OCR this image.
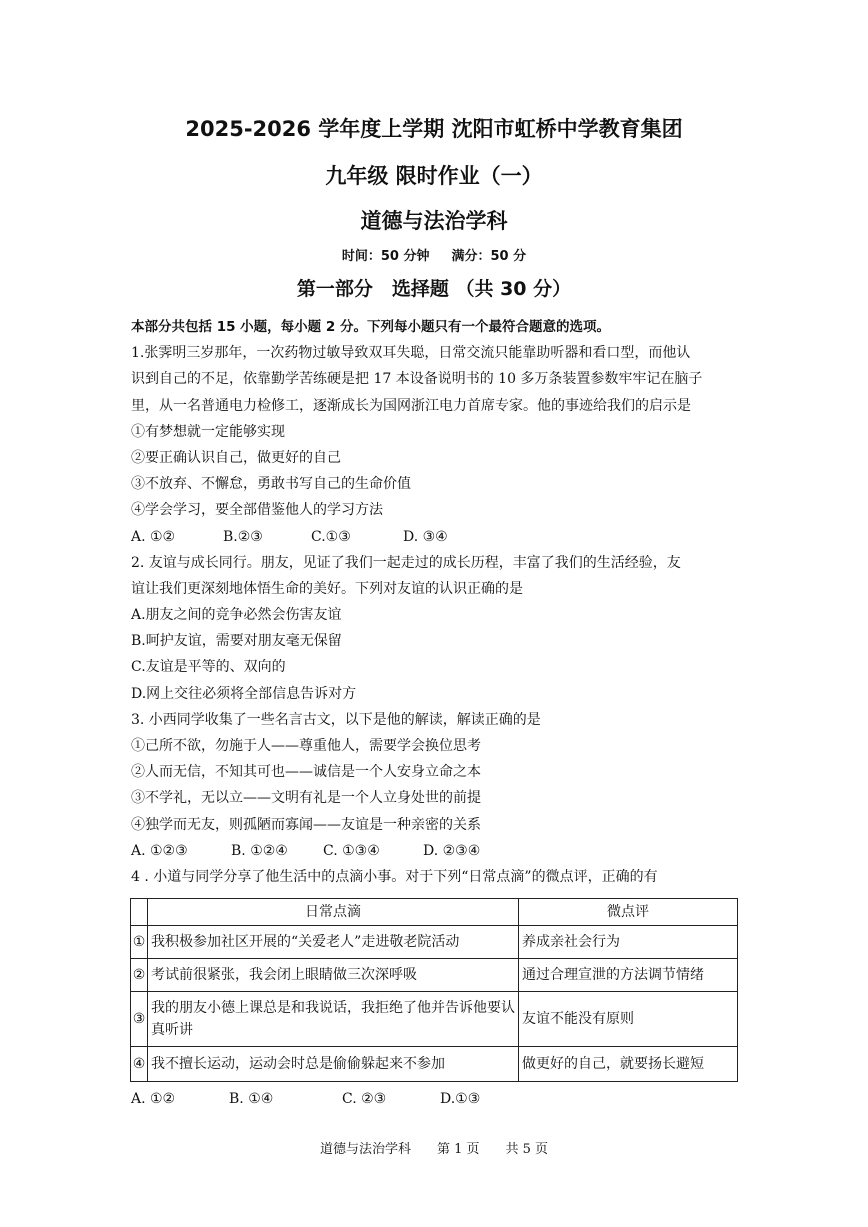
2025-2026 学年度上学期 沈阳市虹桥中学教育集团
九年级 限时作业（一）
道德与法治学科
时间：50 分钟 满分：50 分
第一部分　选择题 （共 30 分）
本部分共包括 15 小题，每小题 2 分。下列每小题只有一个最符合题意的选项。
1.张霁明三岁那年，一次药物过敏导致双耳失聪，日常交流只能靠助听器和看口型，而他认
识到自己的不足，依靠勤学苦练硬是把 17 本设备说明书的 10 多万条装置参数牢牢记在脑子
里，从一名普通电力检修工，逐渐成长为国网浙江电力首席专家。他的事迹给我们的启示是
①有梦想就一定能够实现
②要正确认识自己，做更好的自己
③不放弃、不懈怠，勇敢书写自己的生命价值
④学会学习，要全部借鉴他人的学习方法
A. ①②	B.②③	C.①③	D. ③④
2. 友谊与成长同行。朋友，见证了我们一起走过的成长历程，丰富了我们的生活经验，友
谊让我们更深刻地体悟生命的美好。下列对友谊的认识正确的是
A.朋友之间的竞争必然会伤害友谊
B.呵护友谊，需要对朋友毫无保留
C.友谊是平等的、双向的
D.网上交往必须将全部信息告诉对方
3. 小西同学收集了一些名言古文，以下是他的解读，解读正确的是
①己所不欲，勿施于人——尊重他人，需要学会换位思考
②人而无信，不知其可也——诚信是一个人安身立命之本
③不学礼，无以立——文明有礼是一个人立身处世的前提
④独学而无友，则孤陋而寡闻——友谊是一种亲密的关系
A. ①②③	B. ①②④	C. ①③④	D. ②③④
4 . 小道与同学分享了他生活中的点滴小事。对于下列“日常点滴”的微点评，正确的有
	日常点滴	微点评
①	我积极参加社区开展的“关爱老人”走进敬老院活动	养成亲社会行为
②	考试前很紧张，我会闭上眼睛做三次深呼吸	通过合理宣泄的方法调节情绪
③	我的朋友小德上课总是和我说话，我拒绝了他并告诉他要认真听讲	友谊不能没有原则
④	我不擅长运动，运动会时总是偷偷躲起来不参加	做更好的自己，就要扬长避短
A. ①②	B. ①④	C. ②③	D.①③
道德与法治学科 第 1 页 共 5 页
